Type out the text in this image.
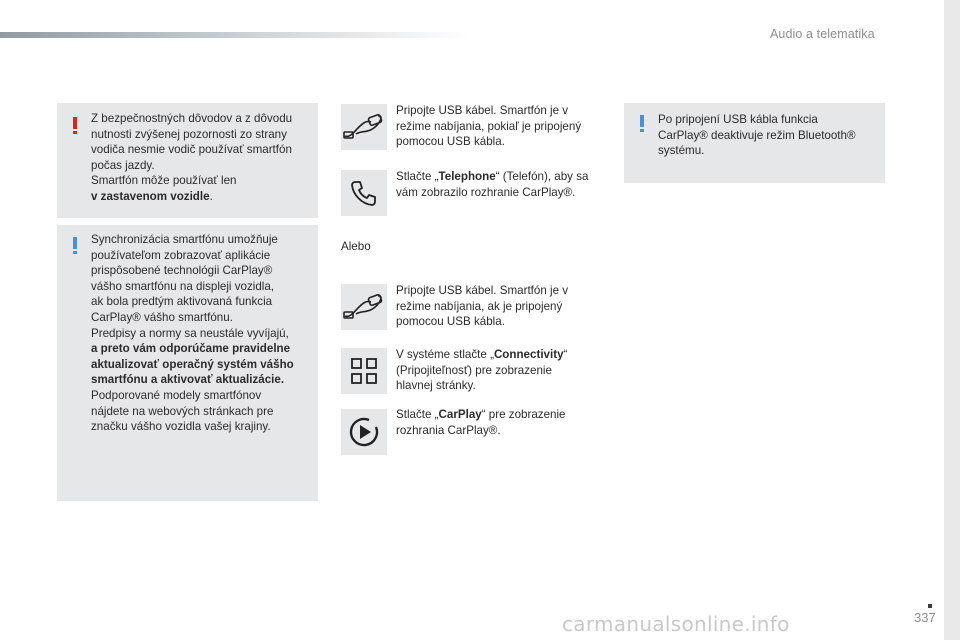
Audio a telematika
337
carmanualsonline.info
Z bezpečnostných dôvodov a z dôvodu
nutnosti zvýšenej pozornosti zo strany
vodiča nesmie vodič používať smartfón
počas jazdy.
Smartfón môže používať len
v zastavenom vozidle.
Synchronizácia smartfónu umožňuje
používateľom zobrazovať aplikácie
prispôsobené technológii CarPlay®
vášho smartfónu na displeji vozidla,
ak bola predtým aktivovaná funkcia
CarPlay® vášho smartfónu.
Predpisy a normy sa neustále vyvíjajú,
a preto vám odporúčame pravidelne
aktualizovať operačný systém vášho
smartfónu a aktivovať aktualizácie.
Podporované modely smartfónov
nájdete na webových stránkach pre
značku vášho vozidla vašej krajiny.
Pripojte USB kábel. Smartfón je v
režime nabíjania, pokiaľ je pripojený
pomocou USB kábla.
Stlačte „Telephone“ (Telefón), aby sa
vám zobrazilo rozhranie CarPlay®.
Alebo
Pripojte USB kábel. Smartfón je v
režime nabíjania, ak je pripojený
pomocou USB kábla.
V systéme stlačte „Connectivity“
(Pripojiteľnosť) pre zobrazenie
hlavnej stránky.
Stlačte „CarPlay“ pre zobrazenie
rozhrania CarPlay®.
Po pripojení USB kábla funkcia
CarPlay® deaktivuje režim Bluetooth®
systému.
